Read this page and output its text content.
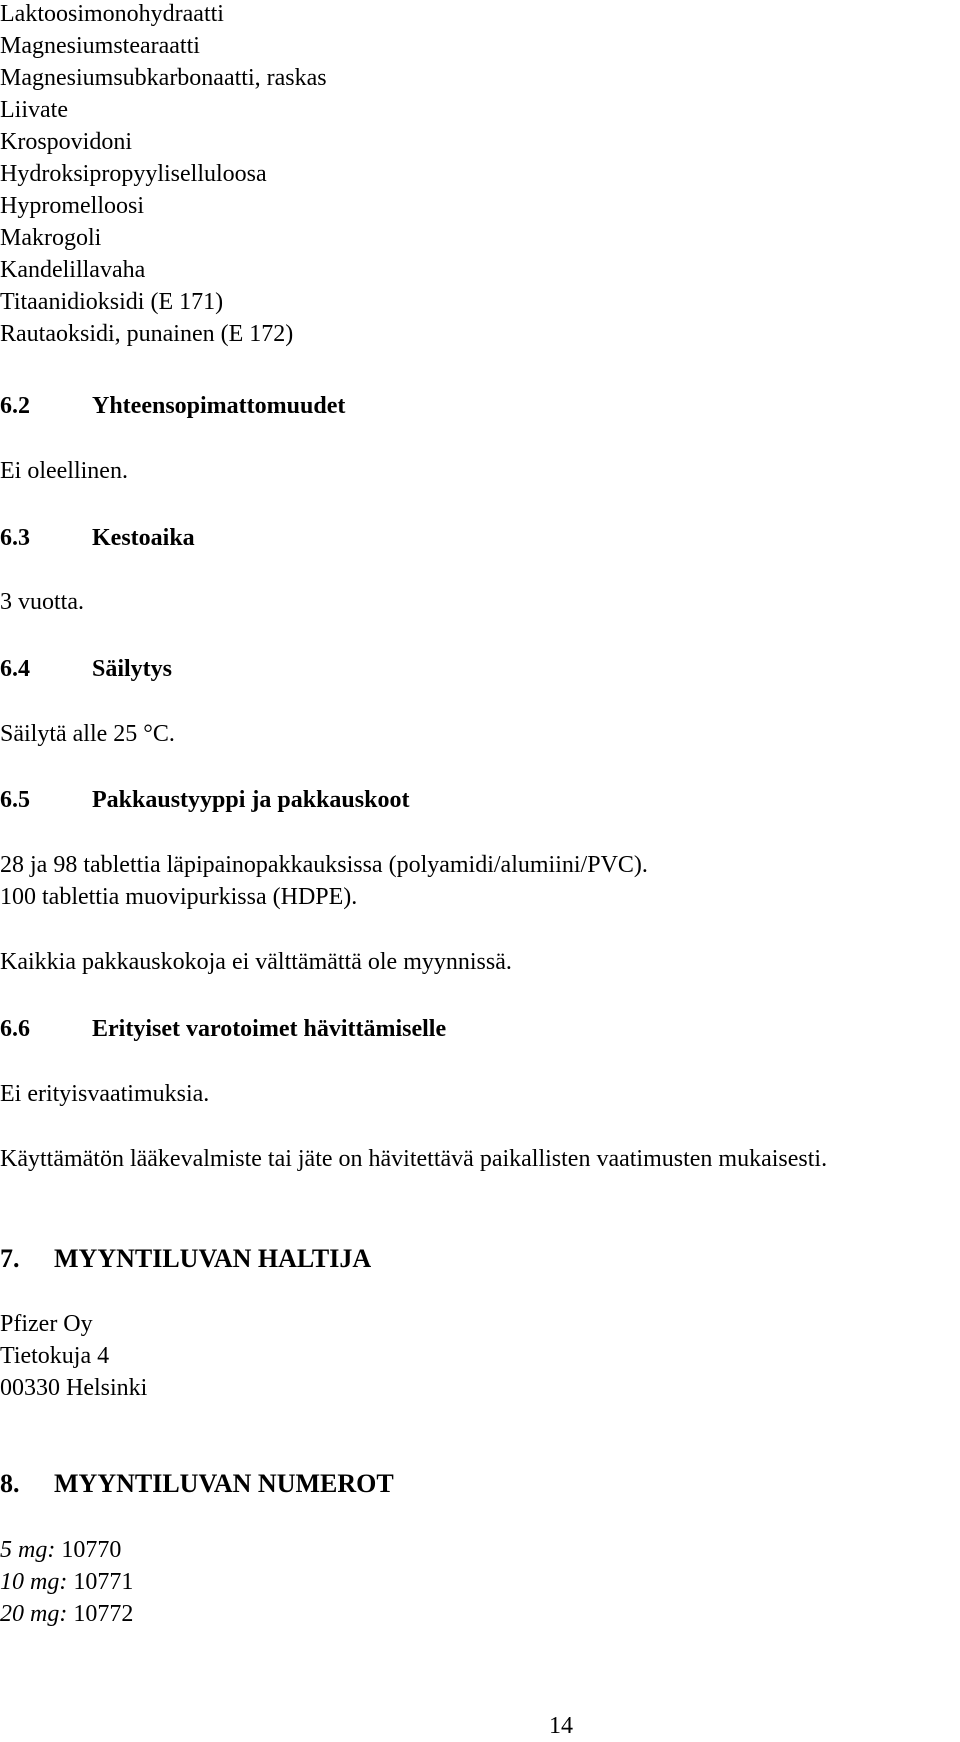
Laktoosimonohydraatti
Magnesiumstearaatti
Magnesiumsubkarbonaatti, raskas
Liivate
Krospovidoni
Hydroksipropyyliselluloosa
Hypromelloosi
Makrogoli
Kandelillavaha
Titaanidioksidi (E 171)
Rautaoksidi, punainen (E 172)
6.2	Yhteensopimattomuudet
Ei oleellinen.
6.3	Kestoaika
3 vuotta.
6.4	Säilytys
Säilytä alle 25 °C.
6.5	Pakkaustyyppi ja pakkauskoot
28 ja 98 tablettia läpipainopakkauksissa (polyamidi/alumiini/PVC).
100 tablettia muovipurkissa (HDPE).
Kaikkia pakkauskokoja ei välttämättä ole myynnissä.
6.6	Erityiset varotoimet hävittämiselle
Ei erityisvaatimuksia.
Käyttämätön lääkevalmiste tai jäte on hävitettävä paikallisten vaatimusten mukaisesti.
7. MYYNTILUVAN HALTIJA
Pfizer Oy
Tietokuja 4
00330 Helsinki
8. MYYNTILUVAN NUMEROT
5 mg: 10770
10 mg: 10771
20 mg: 10772
14
